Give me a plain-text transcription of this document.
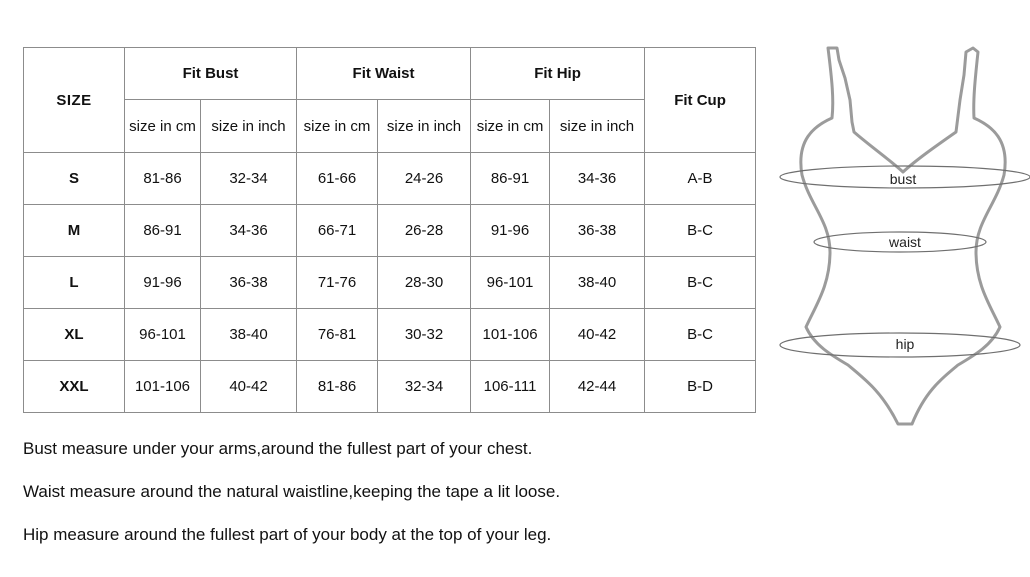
SIZE	Fit Bust		Fit Waist		Fit Hip		Fit Cup
	size in cm	size in inch	size in cm	size in inch	size in cm	size in inch	
S	81-86	32-34	61-66	24-26	86-91	34-36	A-B
M	86-91	34-36	66-71	26-28	91-96	36-38	B-C
L	91-96	36-38	71-76	28-30	96-101	38-40	B-C
XL	96-101	38-40	76-81	30-32	101-106	40-42	B-C
XXL	101-106	40-42	81-86	32-34	106-111	42-44	B-D
bust
waist
hip

Bust measure under your arms,around the fullest part of your chest.

Waist measure around the natural waistline,keeping the tape a lit loose.

Hip measure around the fullest part of your body at the top of your leg.
